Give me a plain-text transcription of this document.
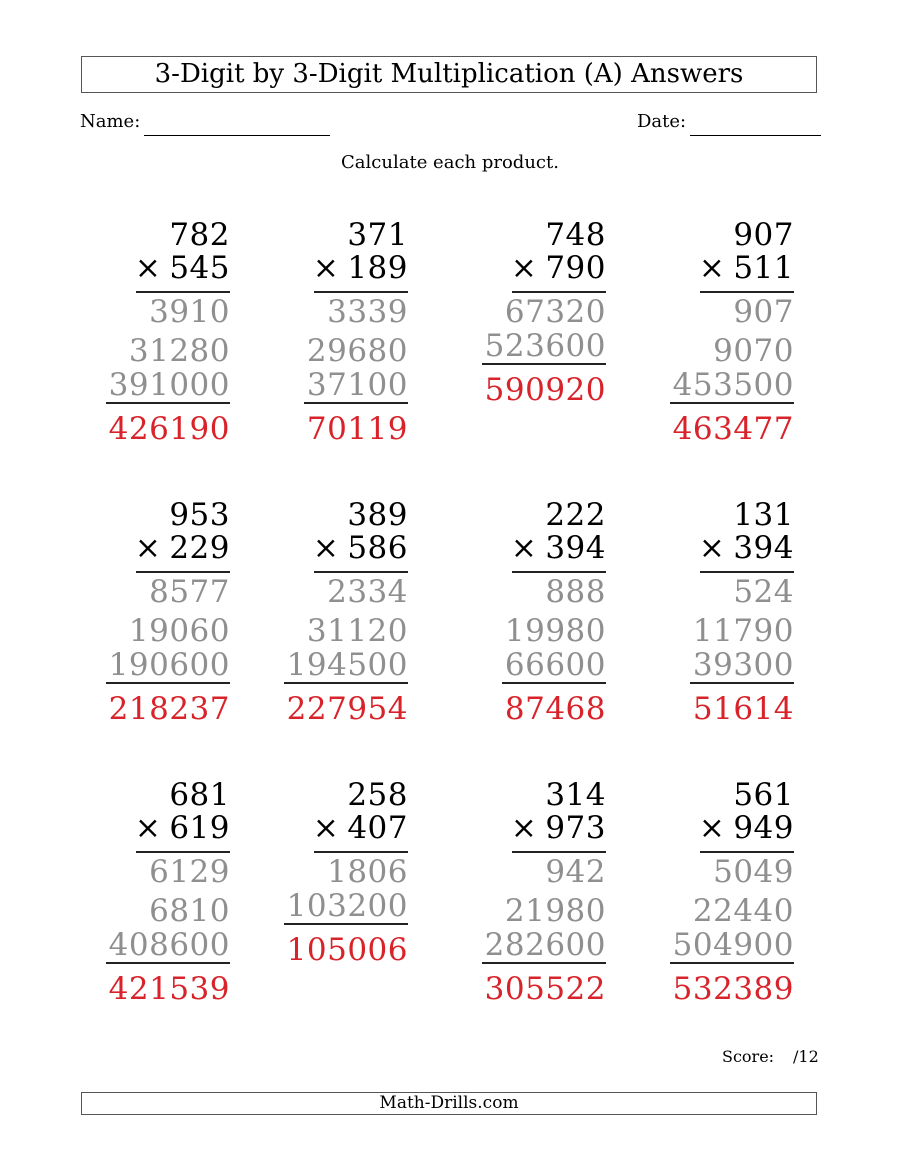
3-Digit by 3-Digit Multiplication (A) Answers
Name:	Date:
Calculate each product.
782
× 545
3910
31280
391000
426190
371
× 189
3339
29680
37100
70119
748
× 790
67320
523600
590920
907
× 511
907
9070
453500
463477
953
× 229
8577
19060
190600
218237
389
× 586
2334
31120
194500
227954
222
× 394
888
19980
66600
87468
131
× 394
524
11790
39300
51614
681
× 619
6129
6810
408600
421539
258
× 407
1806
103200
105006
314
× 973
942
21980
282600
305522
561
× 949
5049
22440
504900
532389
Score: /12
Math-Drills.com
